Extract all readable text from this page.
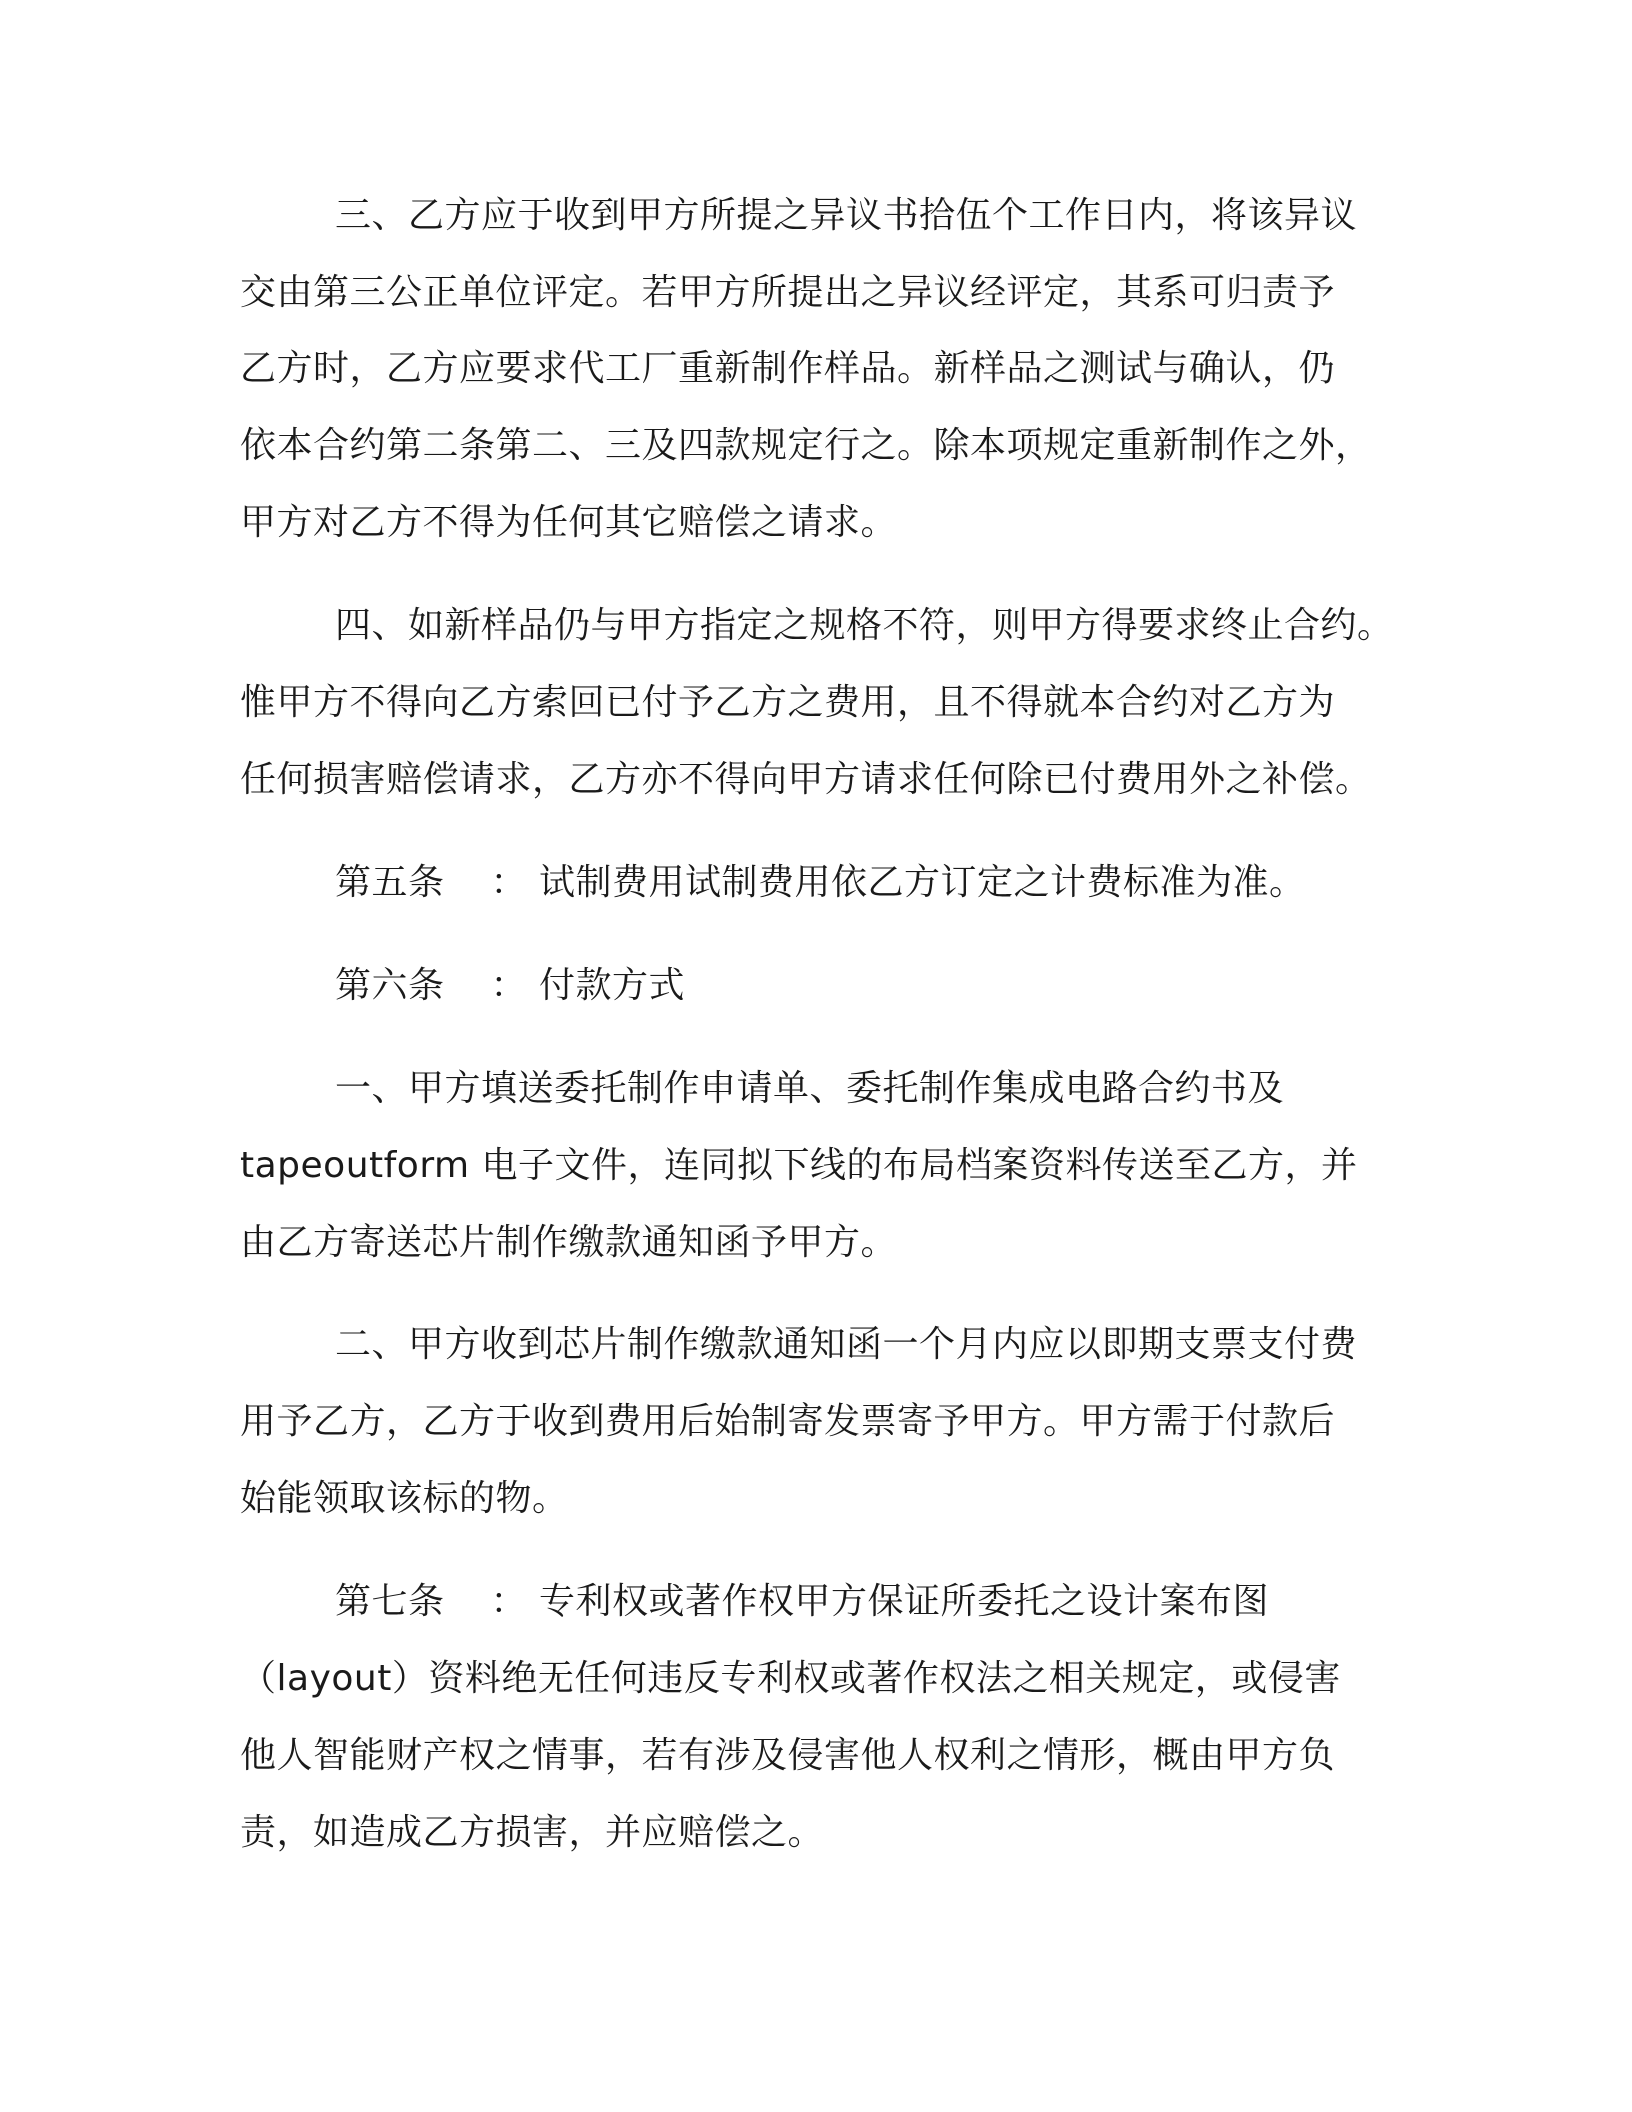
三、乙方应于收到甲方所提之异议书拾伍个工作日内，将该异议
交由第三公正单位评定。若甲方所提出之异议经评定，其系可归责予
乙方时，乙方应要求代工厂重新制作样品。新样品之测试与确认，仍
依本合约第二条第二、三及四款规定行之。除本项规定重新制作之外，
甲方对乙方不得为任何其它赔偿之请求。
四、如新样品仍与甲方指定之规格不符，则甲方得要求终止合约。
惟甲方不得向乙方索回已付予乙方之费用，且不得就本合约对乙方为
任何损害赔偿请求，乙方亦不得向甲方请求任何除已付费用外之补偿。
第五条 ： 试制费用试制费用依乙方订定之计费标准为准。
第六条 ： 付款方式
一、甲方填送委托制作申请单、委托制作集成电路合约书及
tapeoutform 电子文件，连同拟下线的布局档案资料传送至乙方，并
由乙方寄送芯片制作缴款通知函予甲方。
二、甲方收到芯片制作缴款通知函一个月内应以即期支票支付费
用予乙方，乙方于收到费用后始制寄发票寄予甲方。甲方需于付款后
始能领取该标的物。
第七条 ： 专利权或著作权甲方保证所委托之设计案布图
（layout）资料绝无任何违反专利权或著作权法之相关规定，或侵害
他人智能财产权之情事，若有涉及侵害他人权利之情形，概由甲方负
责，如造成乙方损害，并应赔偿之。
